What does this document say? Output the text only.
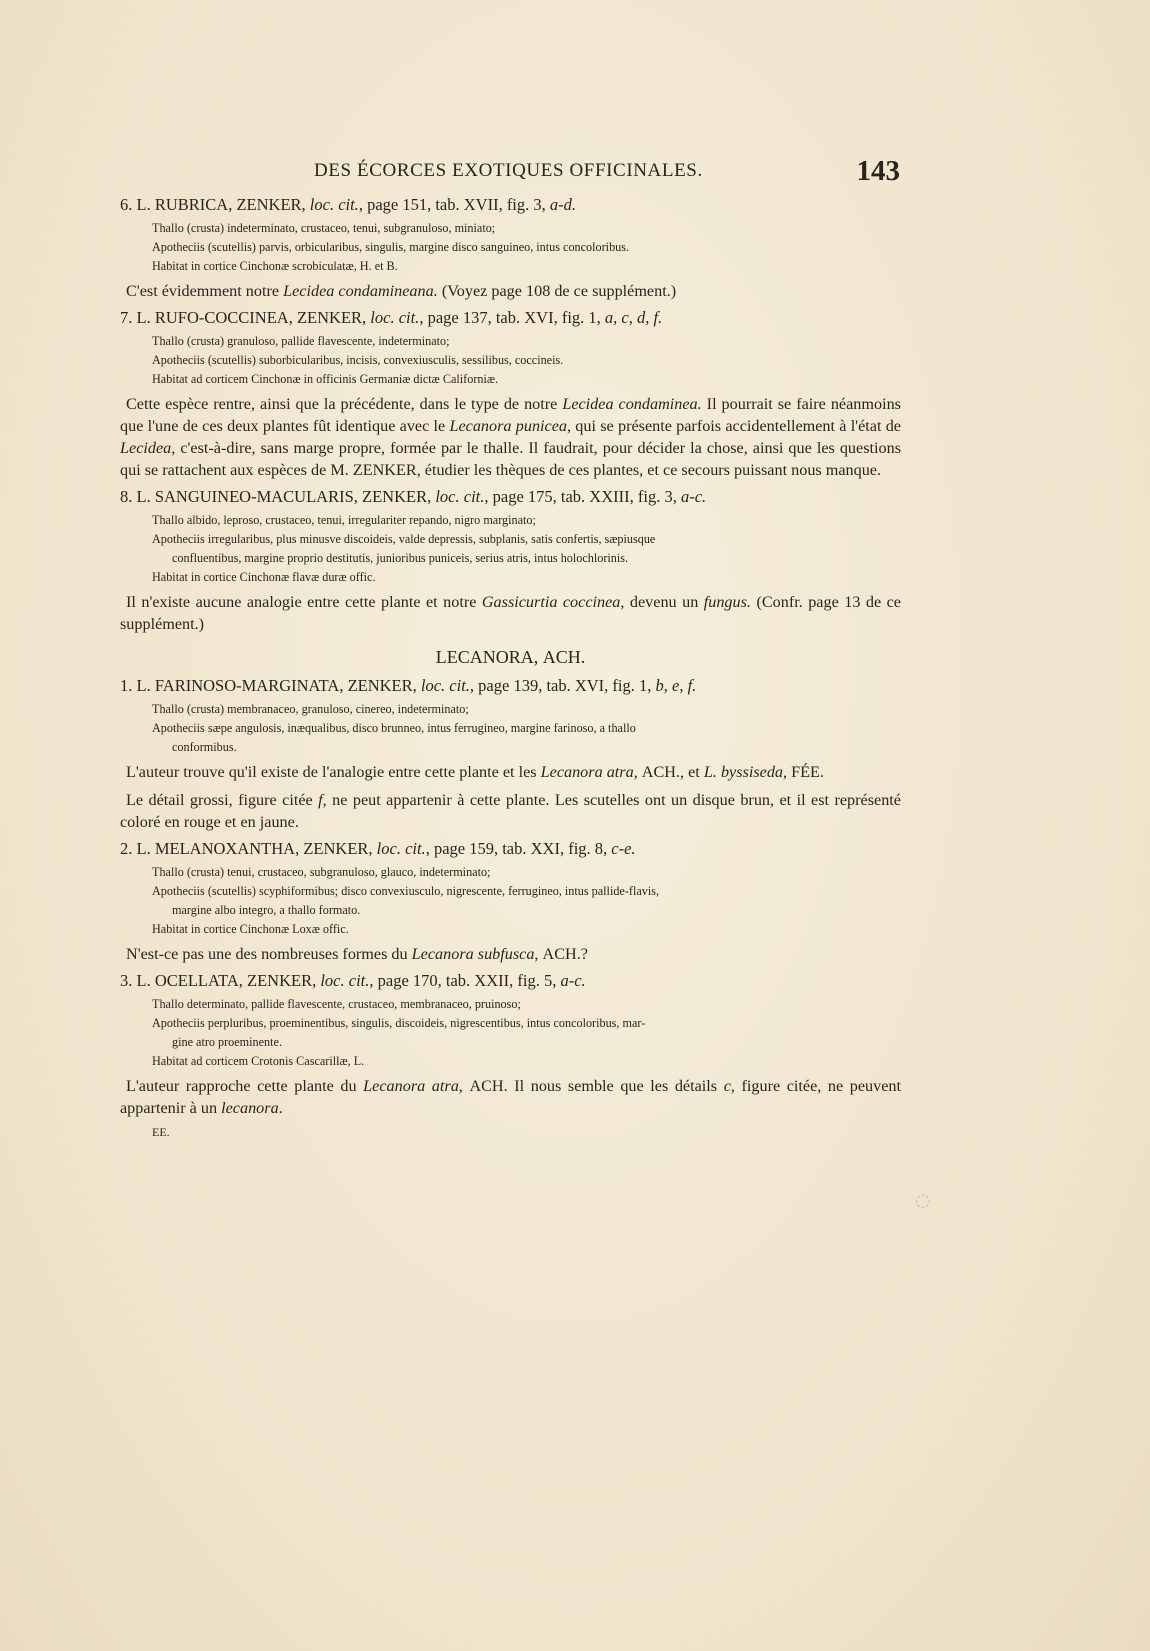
DES ÉCORCES EXOTIQUES OFFICINALES.	143
6. L. RUBRICA, ZENKER, loc. cit., page 151, tab. XVII, fig. 3, a-d.

Thallo (crusta) indeterminato, crustaceo, tenui, subgranuloso, miniato;

Apotheciis (scutellis) parvis, orbicularibus, singulis, margine disco sanguineo, intus concoloribus.

Habitat in cortice Cinchonæ scrobiculatæ, H. et B.

C'est évidemment notre Lecidea condamineana. (Voyez page 108 de ce supplément.)

7. L. RUFO-COCCINEA, ZENKER, loc. cit., page 137, tab. XVI, fig. 1, a, c, d, f.

Thallo (crusta) granuloso, pallide flavescente, indeterminato;

Apotheciis (scutellis) suborbicularibus, incisis, convexiusculis, sessilibus, coccineis.

Habitat ad corticem Cinchonæ in officinis Germaniæ dictæ Californiæ.

Cette espèce rentre, ainsi que la précédente, dans le type de notre Lecidea condaminea. Il pourrait se faire néanmoins que l'une de ces deux plantes fût identique avec le Lecanora punicea, qui se présente parfois accidentellement à l'état de Lecidea, c'est-à-dire, sans marge propre, formée par le thalle. Il faudrait, pour décider la chose, ainsi que les questions qui se rattachent aux espèces de M. ZENKER, étudier les thèques de ces plantes, et ce secours puissant nous manque.

8. L. SANGUINEO-MACULARIS, ZENKER, loc. cit., page 175, tab. XXIII, fig. 3, a-c.

Thallo albido, leproso, crustaceo, tenui, irregulariter repando, nigro marginato;

Apotheciis irregularibus, plus minusve discoideis, valde depressis, subplanis, satis confertis, sæpiusque

confluentibus, margine proprio destitutis, junioribus puniceis, serius atris, intus holochlorinis.

Habitat in cortice Cinchonæ flavæ duræ offic.

Il n'existe aucune analogie entre cette plante et notre Gassicurtia coccinea, devenu un fungus. (Confr. page 13 de ce supplément.)

LECANORA, ACH.
1. L. FARINOSO-MARGINATA, ZENKER, loc. cit., page 139, tab. XVI, fig. 1, b, e, f.

Thallo (crusta) membranaceo, granuloso, cinereo, indeterminato;

Apotheciis sæpe angulosis, inæqualibus, disco brunneo, intus ferrugineo, margine farinoso, a thallo

conformibus.

L'auteur trouve qu'il existe de l'analogie entre cette plante et les Lecanora atra, ACH., et L. byssiseda, FÉE.

Le détail grossi, figure citée f, ne peut appartenir à cette plante. Les scutelles ont un disque brun, et il est représenté coloré en rouge et en jaune.

2. L. MELANOXANTHA, ZENKER, loc. cit., page 159, tab. XXI, fig. 8, c-e.

Thallo (crusta) tenui, crustaceo, subgranuloso, glauco, indeterminato;

Apotheciis (scutellis) scyphiformibus; disco convexiusculo, nigrescente, ferrugineo, intus pallide-flavis,

margine albo integro, a thallo formato.

Habitat in cortice Cinchonæ Loxæ offic.

N'est-ce pas une des nombreuses formes du Lecanora subfusca, ACH.?

3. L. OCELLATA, ZENKER, loc. cit., page 170, tab. XXII, fig. 5, a-c.

Thallo determinato, pallide flavescente, crustaceo, membranaceo, pruinoso;

Apotheciis perpluribus, proeminentibus, singulis, discoideis, nigrescentibus, intus concoloribus, mar-

gine atro proeminente.

Habitat ad corticem Crotonis Cascarillæ, L.

L'auteur rapproche cette plante du Lecanora atra, ACH. Il nous semble que les détails c, figure citée, ne peuvent appartenir à un lecanora.

EE.
◌
